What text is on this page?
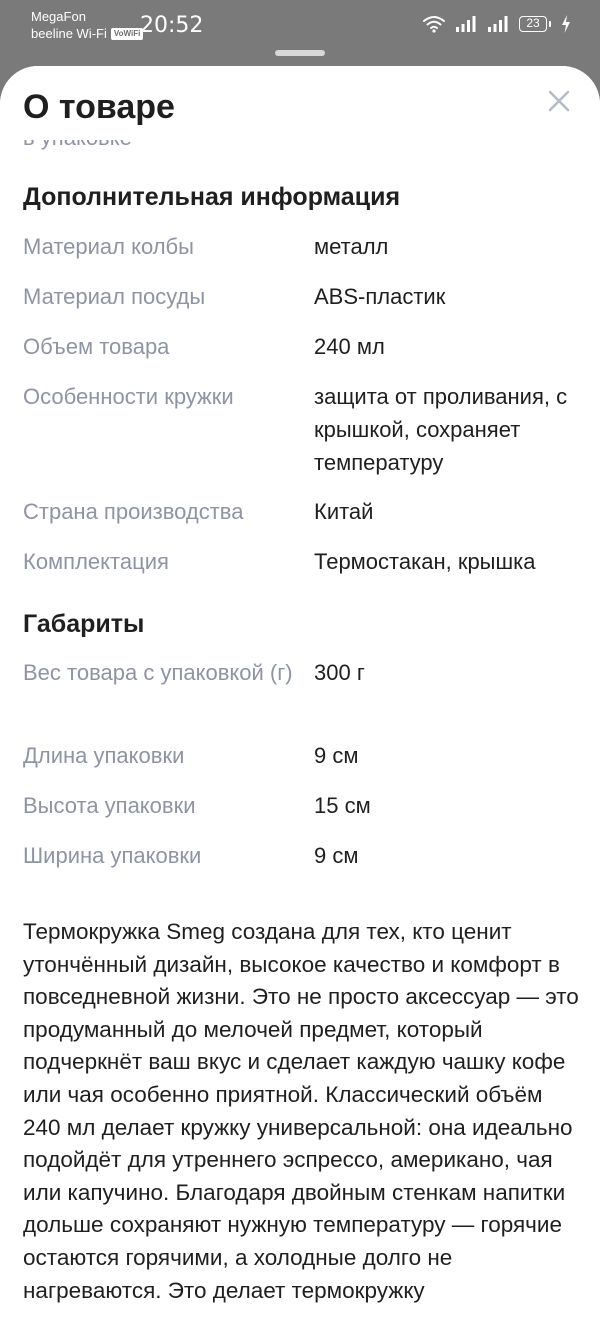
MegaFon
beeline Wi-Fi VoWiFi 20:52	23
Дополнительная информация
Материал колбы	металл
Материал посуды	ABS-пластик
Объем товара	240 мл
Особенности кружки	защита от проливания, с крышкой, сохраняет температуру
Страна производства	Китай
Комплектация	Термостакан, крышка
Габариты
Вес товара с упаковкой (г) 300 г
Длина упаковки	9 см
Высота упаковки	15 см
Ширина упаковки	9 см

Термокружка Smeg создана для тех, кто ценит утончённый дизайн, высокое качество и комфорт в повседневной жизни. Это не просто аксессуар — это продуманный до мелочей предмет, который подчеркнёт ваш вкус и сделает каждую чашку кофе или чая особенно приятной. Классический объём 240 мл делает кружку универсальной: она идеально подойдёт для утреннего эспрессо, американо, чая или капучино. Благодаря двойным стенкам напитки дольше сохраняют нужную температуру — горячие остаются горячими, а холодные долго не нагреваются. Это делает термокружку

О товаре
